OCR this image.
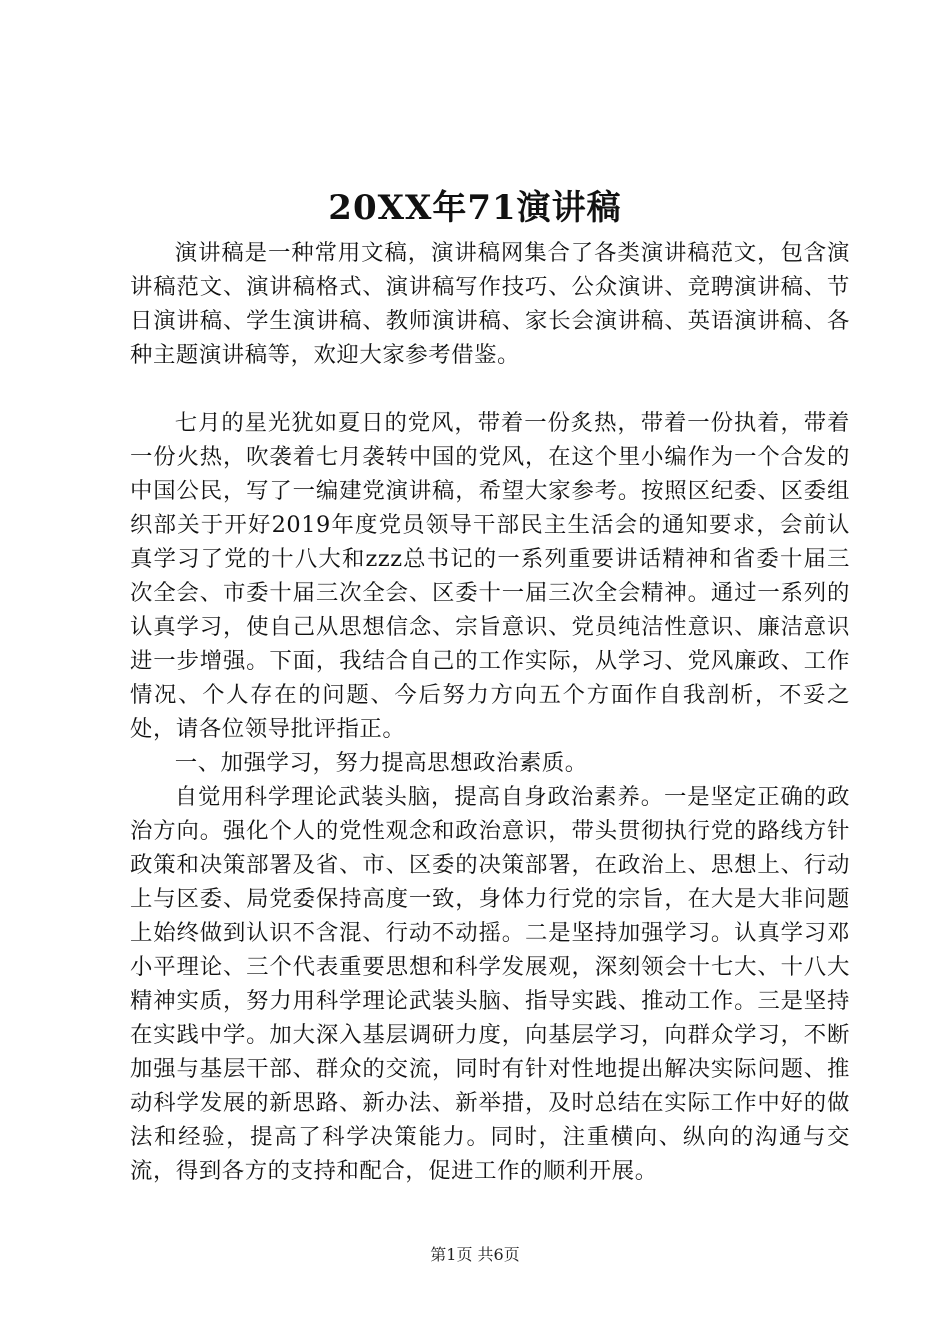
20XX年71演讲稿

演讲稿是一种常用文稿，演讲稿网集合了各类演讲稿范文，包含演讲稿范文、演讲稿格式、演讲稿写作技巧、公众演讲、竞聘演讲稿、节日演讲稿、学生演讲稿、教师演讲稿、家长会演讲稿、英语演讲稿、各种主题演讲稿等，欢迎大家参考借鉴。

七月的星光犹如夏日的党风，带着一份炙热，带着一份执着，带着一份火热，吹袭着七月袭转中国的党风，在这个里小编作为一个合发的中国公民，写了一编建党演讲稿，希望大家参考。按照区纪委、区委组织部关于开好2019年度党员领导干部民主生活会的通知要求，会前认真学习了党的十八大和zzz总书记的一系列重要讲话精神和省委十届三次全会、市委十届三次全会、区委十一届三次全会精神。通过一系列的认真学习，使自己从思想信念、宗旨意识、党员纯洁性意识、廉洁意识进一步增强。下面，我结合自己的工作实际，从学习、党风廉政、工作情况、个人存在的问题、今后努力方向五个方面作自我剖析，不妥之处，请各位领导批评指正。

一、加强学习，努力提高思想政治素质。

自觉用科学理论武装头脑，提高自身政治素养。一是坚定正确的政治方向。强化个人的党性观念和政治意识，带头贯彻执行党的路线方针政策和决策部署及省、市、区委的决策部署，在政治上、思想上、行动上与区委、局党委保持高度一致，身体力行党的宗旨，在大是大非问题上始终做到认识不含混、行动不动摇。二是坚持加强学习。认真学习邓小平理论、三个代表重要思想和科学发展观，深刻领会十七大、十八大精神实质，努力用科学理论武装头脑、指导实践、推动工作。三是坚持在实践中学。加大深入基层调研力度，向基层学习，向群众学习，不断加强与基层干部、群众的交流，同时有针对性地提出解决实际问题、推动科学发展的新思路、新办法、新举措，及时总结在实际工作中好的做法和经验，提高了科学决策能力。同时，注重横向、纵向的沟通与交流，得到各方的支持和配合，促进工作的顺利开展。

第1页 共6页
